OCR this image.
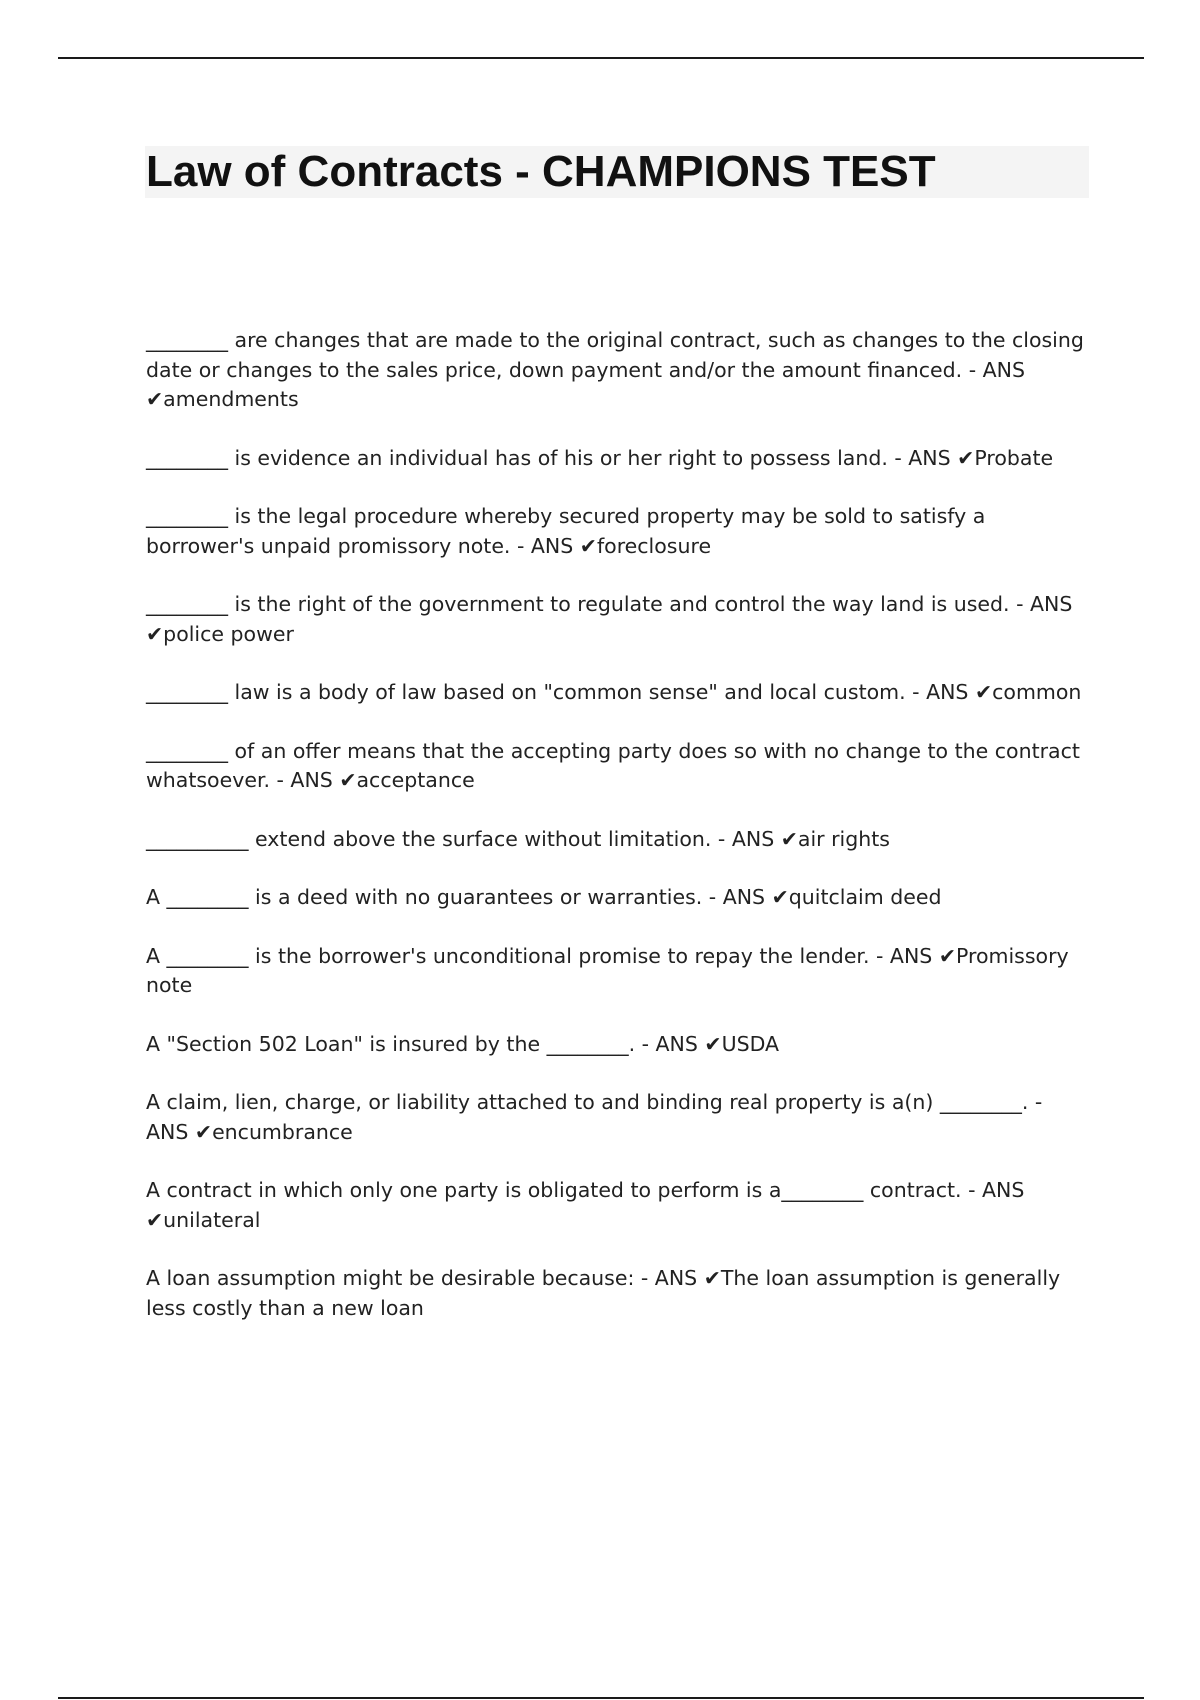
Law of Contracts - CHAMPIONS TEST

________ are changes that are made to the original contract, such as changes to the closing date or changes to the sales price, down payment and/or the amount financed. - ANS ✔amendments

________ is evidence an individual has of his or her right to possess land. - ANS ✔Probate

________ is the legal procedure whereby secured property may be sold to satisfy a borrower's unpaid promissory note. - ANS ✔foreclosure

________ is the right of the government to regulate and control the way land is used. - ANS ✔police power

________ law is a body of law based on "common sense" and local custom. - ANS ✔common

________ of an offer means that the accepting party does so with no change to the contract whatsoever. - ANS ✔acceptance

__________ extend above the surface without limitation. - ANS ✔air rights

A ________ is a deed with no guarantees or warranties. - ANS ✔quitclaim deed

A ________ is the borrower's unconditional promise to repay the lender. - ANS ✔Promissory note

A "Section 502 Loan" is insured by the ________. - ANS ✔USDA

A claim, lien, charge, or liability attached to and binding real property is a(n) ________. - ANS ✔encumbrance

A contract in which only one party is obligated to perform is a________ contract. - ANS ✔unilateral

A loan assumption might be desirable because: - ANS ✔The loan assumption is generally less costly than a new loan
